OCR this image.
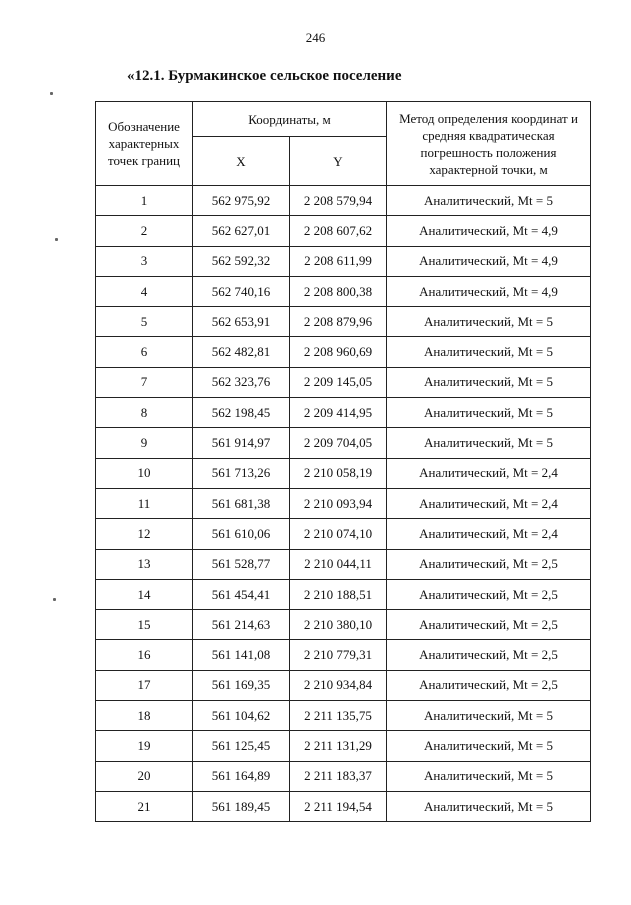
246
«12.1. Бурмакинское сельское поселение
Обозначение характерных точек границ	Координаты, м		Метод определения координат и средняя квадратическая погрешность положения характерной точки, м
	X	Y	
1	562 975,92	2 208 579,94	Аналитический, Mt = 5
2	562 627,01	2 208 607,62	Аналитический, Mt = 4,9
3	562 592,32	2 208 611,99	Аналитический, Mt = 4,9
4	562 740,16	2 208 800,38	Аналитический, Mt = 4,9
5	562 653,91	2 208 879,96	Аналитический, Mt = 5
6	562 482,81	2 208 960,69	Аналитический, Mt = 5
7	562 323,76	2 209 145,05	Аналитический, Mt = 5
8	562 198,45	2 209 414,95	Аналитический, Mt = 5
9	561 914,97	2 209 704,05	Аналитический, Mt = 5
10	561 713,26	2 210 058,19	Аналитический, Mt = 2,4
11	561 681,38	2 210 093,94	Аналитический, Mt = 2,4
12	561 610,06	2 210 074,10	Аналитический, Mt = 2,4
13	561 528,77	2 210 044,11	Аналитический, Mt = 2,5
14	561 454,41	2 210 188,51	Аналитический, Mt = 2,5
15	561 214,63	2 210 380,10	Аналитический, Mt = 2,5
16	561 141,08	2 210 779,31	Аналитический, Mt = 2,5
17	561 169,35	2 210 934,84	Аналитический, Mt = 2,5
18	561 104,62	2 211 135,75	Аналитический, Mt = 5
19	561 125,45	2 211 131,29	Аналитический, Mt = 5
20	561 164,89	2 211 183,37	Аналитический, Mt = 5
21	561 189,45	2 211 194,54	Аналитический, Mt = 5
